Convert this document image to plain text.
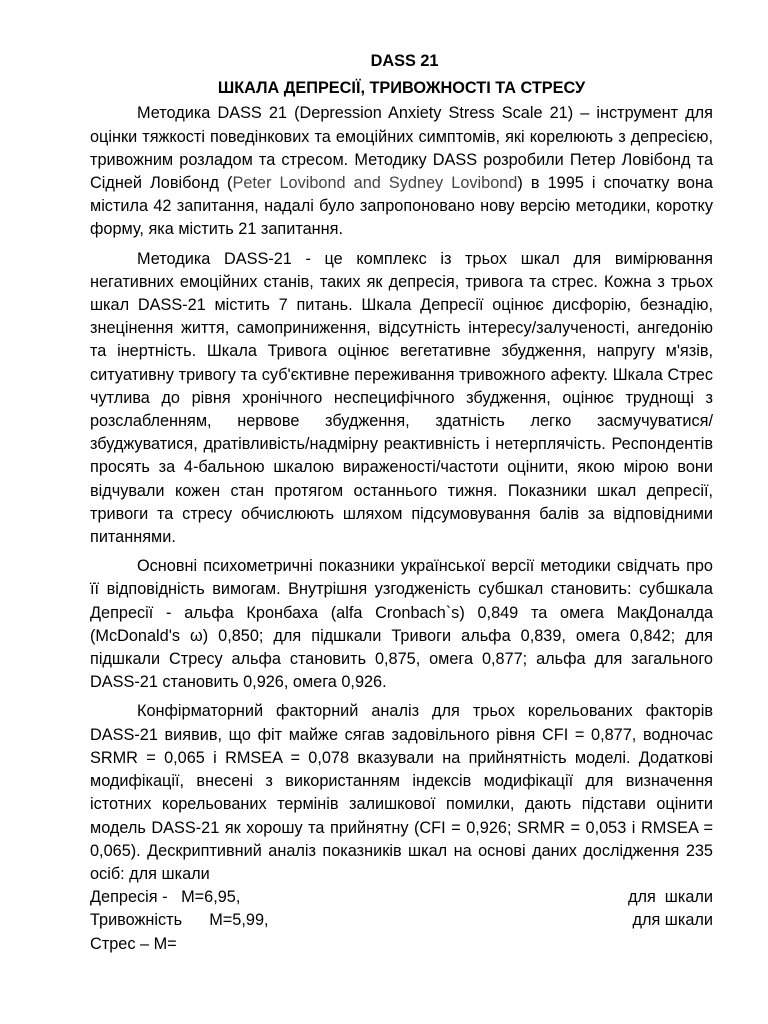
DASS 21
ШКАЛА ДЕПРЕСІЇ, ТРИВОЖНОСТІ ТА СТРЕСУ

Методика DASS 21 (Depression Anxiety Stress Scale 21) – інструмент для оцінки тяжкості поведінкових та емоційних симптомів, які корелюють з депресією, тривожним розладом та стресом. Методику DASS розробили Петер Ловібонд та Сідней Ловібонд (Peter Lovibond and Sydney Lovibond) в 1995 і спочатку вона містила 42 запитання, надалі було запропоновано нову версію методики, коротку форму, яка містить 21 запитання.

Методика DASS-21 - це комплекс із трьох шкал для вимірювання негативних емоційних станів, таких як депресія, тривога та стрес. Кожна з трьох шкал DASS-21 містить 7 питань. Шкала Депресії оцінює дисфорію, безнадію, знецінення життя, самоприниження, відсутність інтересу/залученості, ангедонію та інертність. Шкала Тривога оцінює вегетативне збудження, напругу м'язів, ситуативну тривогу та суб'єктивне переживання тривожного афекту. Шкала Стрес чутлива до рівня хронічного неспецифічного збудження, оцінює труднощі з розслабленням, нервове збудження, здатність легко засмучуватися/збуджуватися, дратівливість/надмірну реактивність і нетерплячість. Респондентів просять за 4-бальною шкалою вираженості/частоти оцінити, якою мірою вони відчували кожен стан протягом останнього тижня. Показники шкал депресії, тривоги та стресу обчислюють шляхом підсумовування балів за відповідними питаннями.

Основні психометричні показники української версії методики свідчать про її відповідність вимогам. Внутрішня узгодженість субшкал становить: субшкала Депресії - альфа Кронбаха (alfa Cronbach`s) 0,849 та омега МакДоналда (McDonald's ω) 0,850; для підшкали Тривоги альфа 0,839, омега 0,842; для підшкали Стресу альфа становить 0,875, омега 0,877; альфа для загального DASS-21 становить 0,926, омега 0,926.

Конфірматорний факторний аналіз для трьох корельованих факторів DASS-21 виявив, що фіт майже сягав задовільного рівня CFI = 0,877, водночас SRMR = 0,065 і RMSEA = 0,078 вказували на прийнятність моделі. Додаткові модифікації, внесені з використанням індексів модифікації для визначення істотних корельованих термінів залишкової помилки, дають підстави оцінити модель DASS-21 як хорошу та прийнятну (CFI = 0,926; SRMR = 0,053 і RMSEA = 0,065). Дескриптивний аналіз показників шкал на основі даних дослідження 235 осіб: для шкали

Депресія -   M=6,95,	для  шкали
Тривожність      M=5,99,	для шкали
Стрес – M=
